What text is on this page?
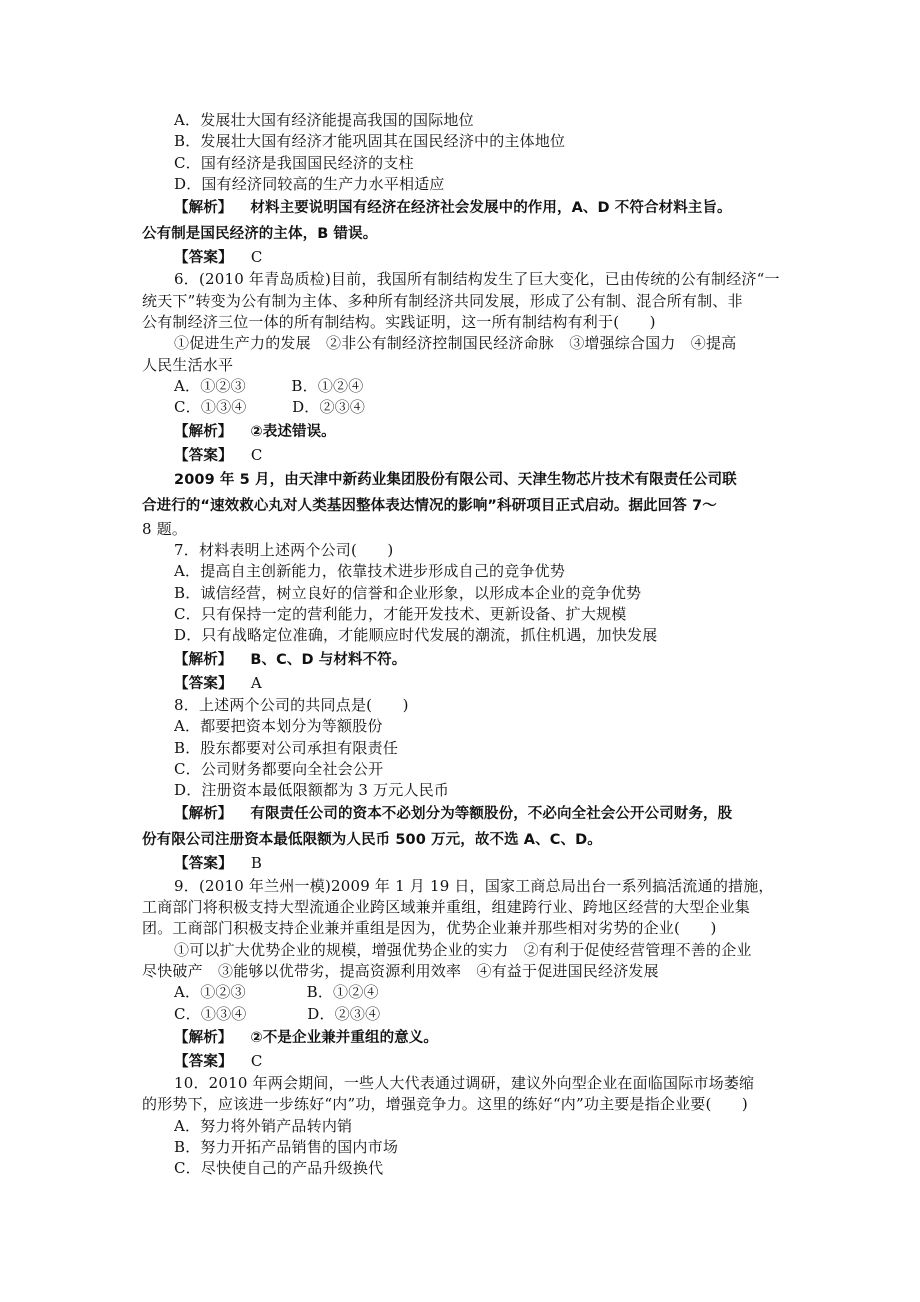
A．发展壮大国有经济能提高我国的国际地位
B．发展壮大国有经济才能巩固其在国民经济中的主体地位
C．国有经济是我国国民经济的支柱
D．国有经济同较高的生产力水平相适应
【解析】 材料主要说明国有经济在经济社会发展中的作用，A、D 不符合材料主旨。
公有制是国民经济的主体，B 错误。
【答案】 C
6．(2010 年青岛质检)目前，我国所有制结构发生了巨大变化，已由传统的公有制经济“一
统天下”转变为公有制为主体、多种所有制经济共同发展，形成了公有制、混合所有制、非
公有制经济三位一体的所有制结构。实践证明，这一所有制结构有利于(　　)
①促进生产力的发展　②非公有制经济控制国民经济命脉　③增强综合国力　④提高
人民生活水平
A．①②③　　　B．①②④
C．①③④　　　D．②③④
【解析】 ②表述错误。
【答案】 C
2009 年 5 月，由天津中新药业集团股份有限公司、天津生物芯片技术有限责任公司联
合进行的“速效救心丸对人类基因整体表达情况的影响”科研项目正式启动。据此回答 7～
8 题。
7．材料表明上述两个公司(　　)
A．提高自主创新能力，依靠技术进步形成自己的竞争优势
B．诚信经营，树立良好的信誉和企业形象，以形成本企业的竞争优势
C．只有保持一定的营利能力，才能开发技术、更新设备、扩大规模
D．只有战略定位准确，才能顺应时代发展的潮流，抓住机遇，加快发展
【解析】 B、C、D 与材料不符。
【答案】 A
8．上述两个公司的共同点是(　　)
A．都要把资本划分为等额股份
B．股东都要对公司承担有限责任
C．公司财务都要向全社会公开
D．注册资本最低限额都为 3 万元人民币
【解析】 有限责任公司的资本不必划分为等额股份，不必向全社会公开公司财务，股
份有限公司注册资本最低限额为人民币 500 万元，故不选 A、C、D。
【答案】 B
9．(2010 年兰州一模)2009 年 1 月 19 日，国家工商总局出台一系列搞活流通的措施，
工商部门将积极支持大型流通企业跨区域兼并重组，组建跨行业、跨地区经营的大型企业集
团。工商部门积极支持企业兼并重组是因为，优势企业兼并那些相对劣势的企业(　　)
①可以扩大优势企业的规模，增强优势企业的实力　②有利于促使经营管理不善的企业
尽快破产　③能够以优带劣，提高资源利用效率　④有益于促进国民经济发展
A．①②③　　　　B．①②④
C．①③④　　　　D．②③④
【解析】 ②不是企业兼并重组的意义。
【答案】 C
10．2010 年两会期间，一些人大代表通过调研，建议外向型企业在面临国际市场萎缩
的形势下，应该进一步练好“内”功，增强竞争力。这里的练好“内”功主要是指企业要(　　)
A．努力将外销产品转内销
B．努力开拓产品销售的国内市场
C．尽快使自己的产品升级换代
